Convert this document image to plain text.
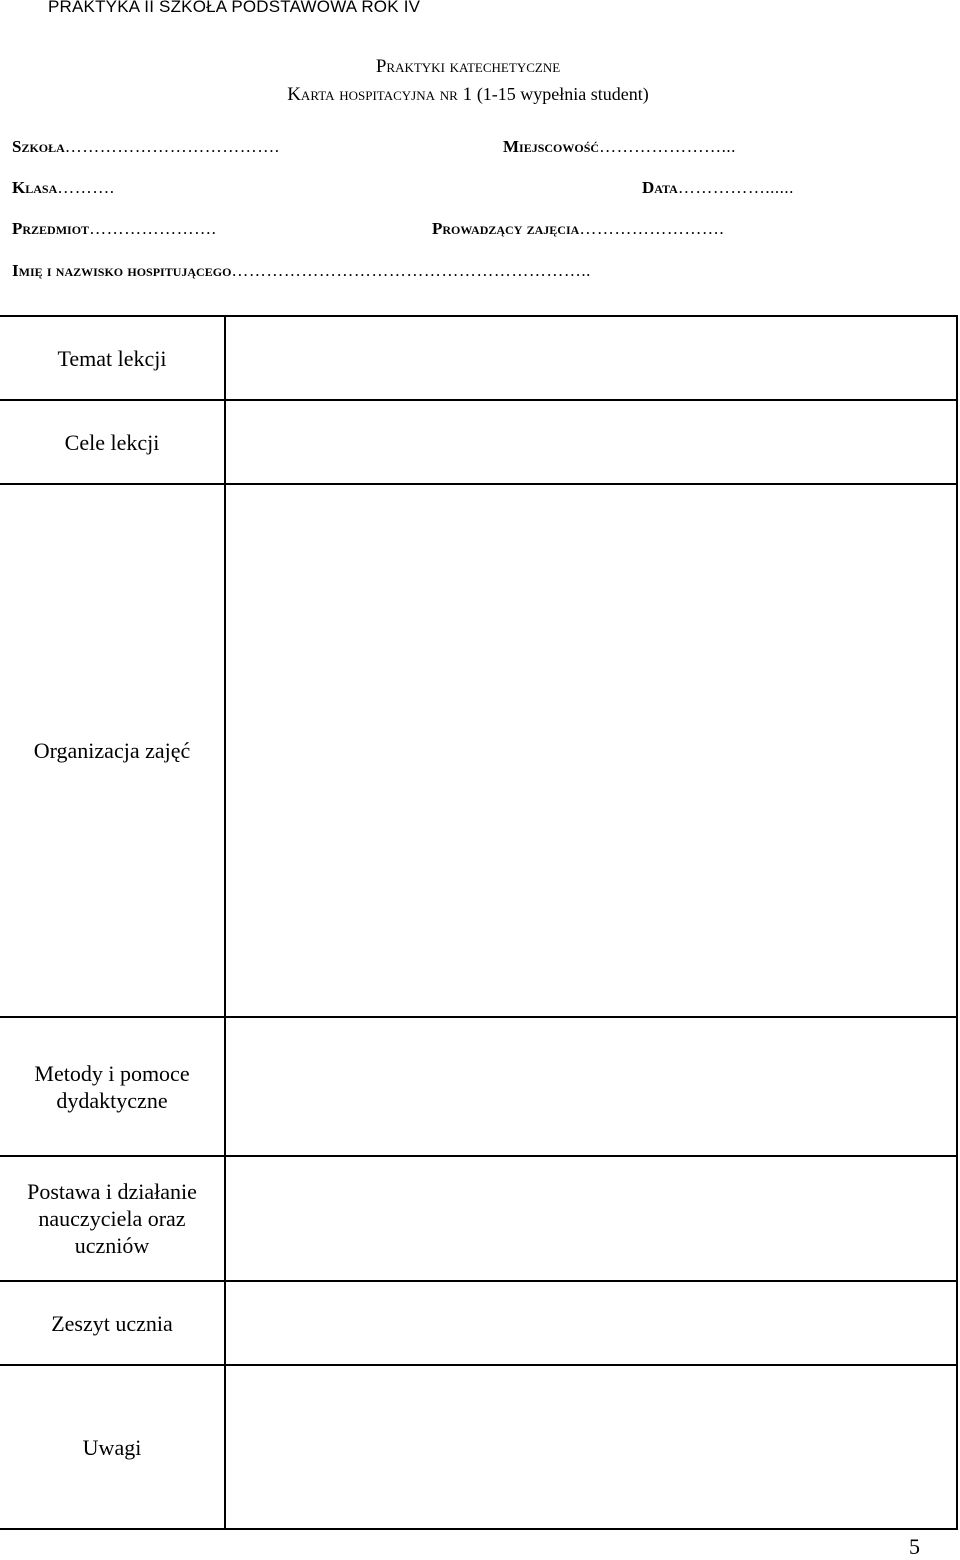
PRAKTYKA II SZKOŁA PODSTAWOWA ROK IV
Praktyki katechetyczne
Karta hospitacyjna nr 1 (1-15 wypełnia student)
Szkoła……………………………….	Miejscowość…………………...
Klasa……….	Data……………......
Przedmiot………………….	Prowadzący zajęcia…………………….
Imię i nazwisko hospitującego……………………………………………………..
Temat lekcji	
Cele lekcji	
Organizacja zajęć	
Metody i pomoce dydaktyczne	
Postawa i działanie nauczyciela oraz uczniów	
Zeszyt ucznia	
Uwagi	
5
